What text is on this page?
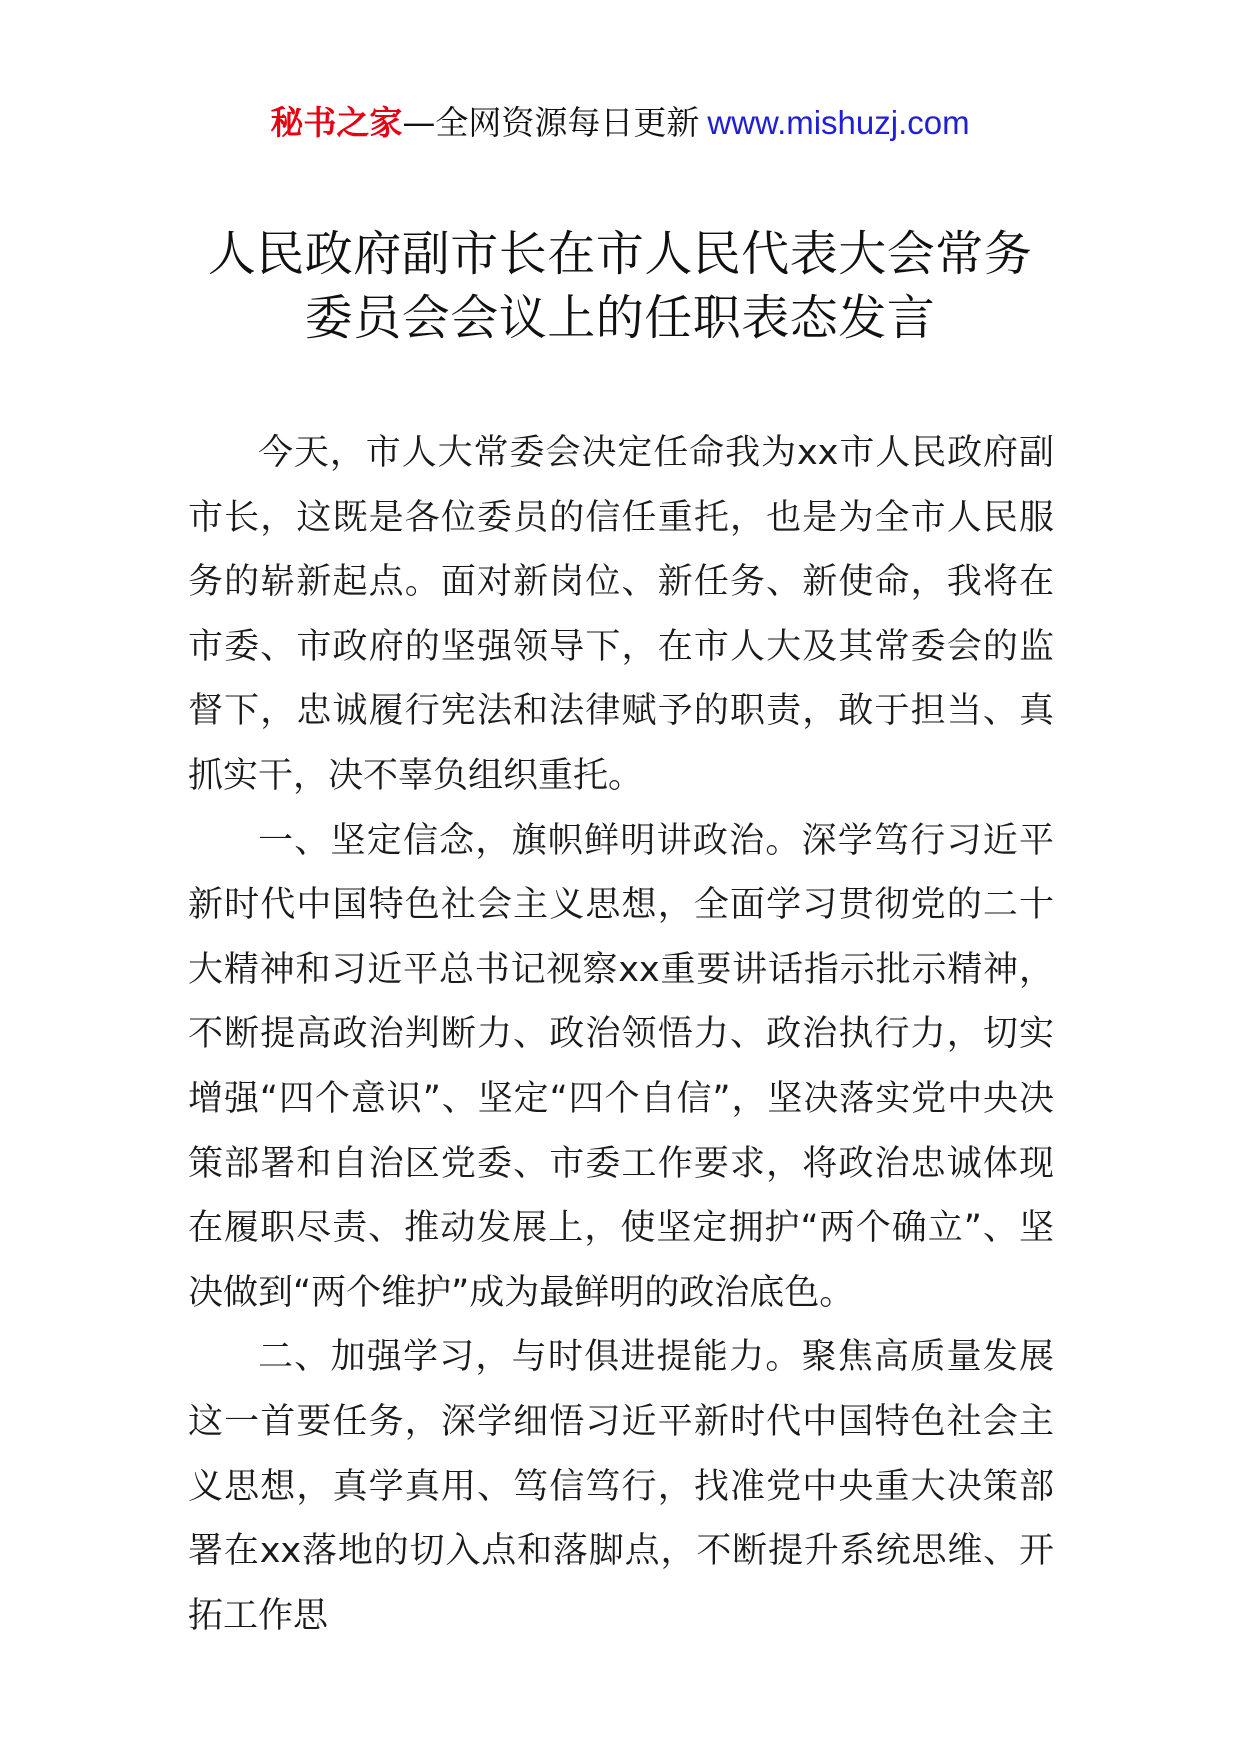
秘书之家—全网资源每日更新 www.mishuzj.com
人民政府副市长在市人民代表大会常务委员会会议上的任职表态发言

今天，市人大常委会决定任命我为xx市人民政府副市长，这既是各位委员的信任重托，也是为全市人民服务的崭新起点。面对新岗位、新任务、新使命，我将在市委、市政府的坚强领导下，在市人大及其常委会的监督下，忠诚履行宪法和法律赋予的职责，敢于担当、真抓实干，决不辜负组织重托。

一、坚定信念，旗帜鲜明讲政治。深学笃行习近平新时代中国特色社会主义思想，全面学习贯彻党的二十大精神和习近平总书记视察xx重要讲话指示批示精神，不断提高政治判断力、政治领悟力、政治执行力，切实增强“四个意识”、坚定“四个自信”，坚决落实党中央决策部署和自治区党委、市委工作要求，将政治忠诚体现在履职尽责、推动发展上，使坚定拥护“两个确立”、坚决做到“两个维护”成为最鲜明的政治底色。

二、加强学习，与时俱进提能力。聚焦高质量发展这一首要任务，深学细悟习近平新时代中国特色社会主义思想，真学真用、笃信笃行，找准党中央重大决策部署在xx落地的切入点和落脚点，不断提升系统思维、开拓工作思
